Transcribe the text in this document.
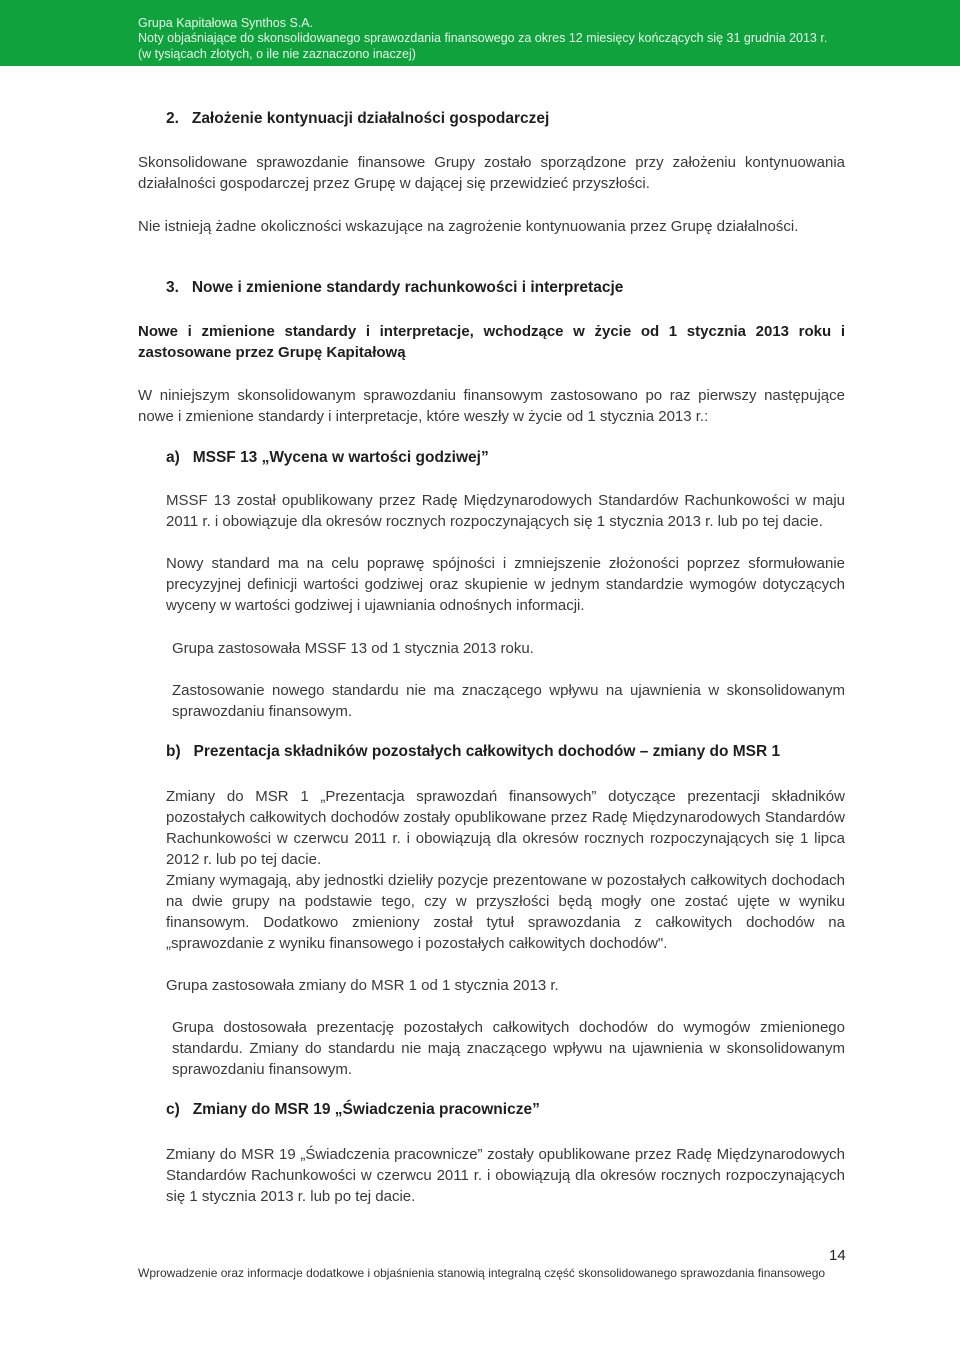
Grupa Kapitałowa Synthos S.A.
Noty objaśniające do skonsolidowanego sprawozdania finansowego za okres 12 miesięcy kończących się 31 grudnia 2013 r.
(w tysiącach złotych, o ile nie zaznaczono inaczej)
2.   Założenie kontynuacji działalności gospodarczej
Skonsolidowane sprawozdanie finansowe Grupy zostało sporządzone przy założeniu kontynuowania działalności gospodarczej przez Grupę w dającej się przewidzieć przyszłości.
Nie istnieją żadne okoliczności wskazujące na zagrożenie kontynuowania przez Grupę działalności.
3.   Nowe i zmienione standardy rachunkowości i interpretacje
Nowe i zmienione standardy i interpretacje, wchodzące w życie od 1 stycznia 2013 roku i zastosowane przez Grupę Kapitałową
W niniejszym skonsolidowanym sprawozdaniu finansowym zastosowano po raz pierwszy następujące nowe i zmienione standardy i interpretacje, które weszły w życie od 1 stycznia 2013 r.:
a)   MSSF 13 „Wycena w wartości godziwej”
MSSF 13 został opublikowany przez Radę Międzynarodowych Standardów Rachunkowości w maju 2011 r. i obowiązuje dla okresów rocznych rozpoczynających się 1 stycznia 2013 r. lub po tej dacie.
Nowy standard ma na celu poprawę spójności i zmniejszenie złożoności poprzez sformułowanie precyzyjnej definicji wartości godziwej oraz skupienie w jednym standardzie wymogów dotyczących wyceny w wartości godziwej i ujawniania odnośnych informacji.
Grupa zastosowała MSSF 13 od 1 stycznia 2013 roku.
Zastosowanie nowego standardu nie ma znaczącego wpływu na ujawnienia w skonsolidowanym sprawozdaniu finansowym.
b)   Prezentacja składników pozostałych całkowitych dochodów – zmiany do MSR 1
Zmiany do MSR 1 „Prezentacja sprawozdań finansowych” dotyczące prezentacji składników pozostałych całkowitych dochodów zostały opublikowane przez Radę Międzynarodowych Standardów Rachunkowości w czerwcu 2011 r. i obowiązują dla okresów rocznych rozpoczynających się 1 lipca 2012 r. lub po tej dacie.
Zmiany wymagają, aby jednostki dzieliły pozycje prezentowane w pozostałych całkowitych dochodach na dwie grupy na podstawie tego, czy w przyszłości będą mogły one zostać ujęte w wyniku finansowym. Dodatkowo zmieniony został tytuł sprawozdania z całkowitych dochodów na „sprawozdanie z wyniku finansowego i pozostałych całkowitych dochodów".
Grupa zastosowała zmiany do MSR 1 od 1 stycznia 2013 r.
Grupa dostosowała prezentację pozostałych całkowitych dochodów do wymogów zmienionego standardu. Zmiany do standardu nie mają znaczącego wpływu na ujawnienia w skonsolidowanym sprawozdaniu finansowym.
c)   Zmiany do MSR 19 „Świadczenia pracownicze”
Zmiany do MSR 19 „Świadczenia pracownicze” zostały opublikowane przez Radę Międzynarodowych Standardów Rachunkowości w czerwcu 2011 r. i obowiązują dla okresów rocznych rozpoczynających się 1 stycznia 2013 r. lub po tej dacie.
14
Wprowadzenie oraz informacje dodatkowe i objaśnienia stanowią integralną część skonsolidowanego sprawozdania finansowego
